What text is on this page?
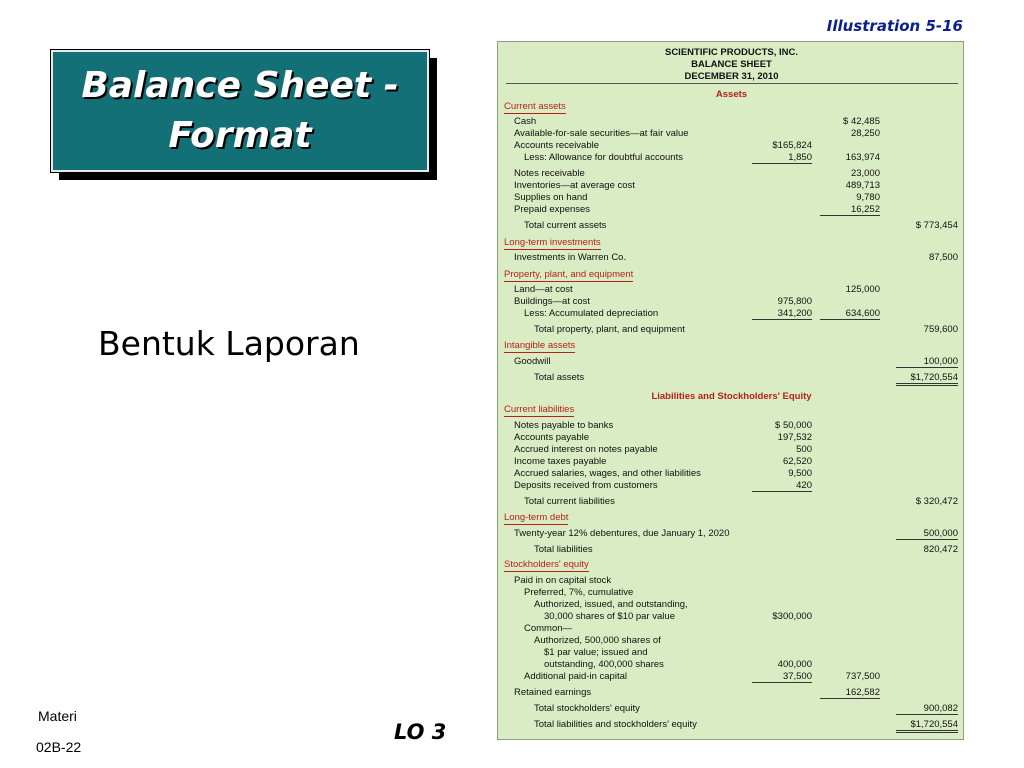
Illustration 5-16
Balance Sheet -
Format
Bentuk Laporan
Materi
02B-22
LO 3
SCIENTIFIC PRODUCTS, INC.
BALANCE SHEET
DECEMBER 31, 2010
Assets
Current assets
Long-term investments
Property, plant, and equipment
Intangible assets
Liabilities and Stockholders' Equity
Current liabilities
Long-term debt
Stockholders' equity
Cash	$ 42,485
Available-for-sale securities—at fair value	28,250
Accounts receivable	$165,824
Less: Allowance for doubtful accounts	1,850	163,974
Notes receivable	23,000
Inventories—at average cost	489,713
Supplies on hand	9,780
Prepaid expenses	16,252
Total current assets	$ 773,454
Investments in Warren Co.	87,500
Land—at cost	125,000
Buildings—at cost	975,800
Less: Accumulated depreciation	341,200	634,600
Total property, plant, and equipment	759,600
Goodwill	100,000
Total assets	$1,720,554
Notes payable to banks	$ 50,000
Accounts payable	197,532
Accrued interest on notes payable	500
Income taxes payable	62,520
Accrued salaries, wages, and other liabilities	9,500
Deposits received from customers	420
Total current liabilities	$ 320,472
Twenty-year 12% debentures, due January 1, 2020	500,000
Total liabilities	820,472
Paid in on capital stock
Preferred, 7%, cumulative
Authorized, issued, and outstanding,
30,000 shares of $10 par value	$300,000
Common—
Authorized, 500,000 shares of
$1 par value; issued and
outstanding, 400,000 shares	400,000
Additional paid-in capital	37,500	737,500
Retained earnings	162,582
Total stockholders' equity	900,082
Total liabilities and stockholders' equity	$1,720,554
